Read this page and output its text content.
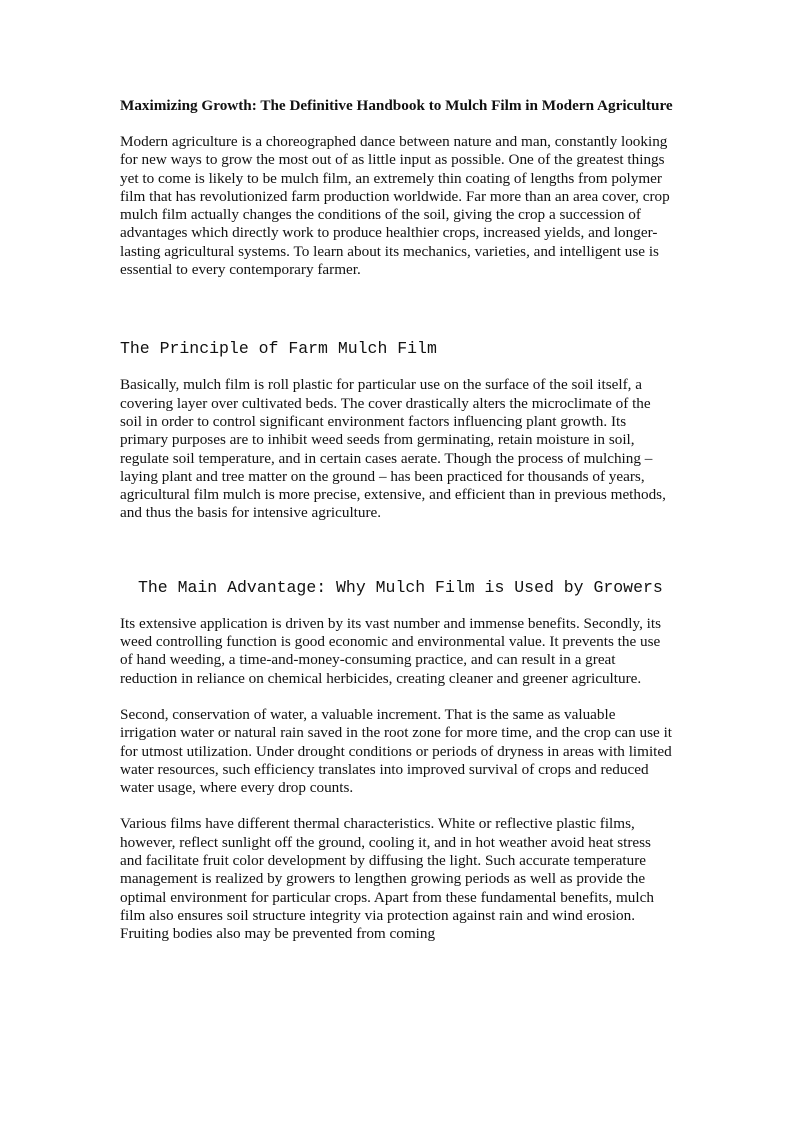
Maximizing Growth: The Definitive Handbook to Mulch Film in Modern Agriculture

Modern agriculture is a choreographed dance between nature and man, constantly looking for new ways to grow the most out of as little input as possible. One of the greatest things yet to come is likely to be mulch film, an extremely thin coating of lengths from polymer film that has revolutionized farm production worldwide. Far more than an area cover, crop mulch film actually changes the conditions of the soil, giving the crop a succession of advantages which directly work to produce healthier crops, increased yields, and longer-lasting agricultural systems. To learn about its mechanics, varieties, and intelligent use is essential to every contemporary farmer.

The Principle of Farm Mulch Film

Basically, mulch film is roll plastic for particular use on the surface of the soil itself, a covering layer over cultivated beds. The cover drastically alters the microclimate of the soil in order to control significant environment factors influencing plant growth. Its primary purposes are to inhibit weed seeds from germinating, retain moisture in soil, regulate soil temperature, and in certain cases aerate. Though the process of mulching – laying plant and tree matter on the ground – has been practiced for thousands of years, agricultural film mulch is more precise, extensive, and efficient than in previous methods, and thus the basis for intensive agriculture.

The Main Advantage: Why Mulch Film is Used by Growers

Its extensive application is driven by its vast number and immense benefits. Secondly, its weed controlling function is good economic and environmental value. It prevents the use of hand weeding, a time-and-money-consuming practice, and can result in a great reduction in reliance on chemical herbicides, creating cleaner and greener agriculture.

Second, conservation of water, a valuable increment. That is the same as valuable irrigation water or natural rain saved in the root zone for more time, and the crop can use it for utmost utilization. Under drought conditions or periods of dryness in areas with limited water resources, such efficiency translates into improved survival of crops and reduced water usage, where every drop counts.

Various films have different thermal characteristics. White or reflective plastic films, however, reflect sunlight off the ground, cooling it, and in hot weather avoid heat stress and facilitate fruit color development by diffusing the light. Such accurate temperature management is realized by growers to lengthen growing periods as well as provide the optimal environment for particular crops. Apart from these fundamental benefits, mulch film also ensures soil structure integrity via protection against rain and wind erosion. Fruiting bodies also may be prevented from coming
